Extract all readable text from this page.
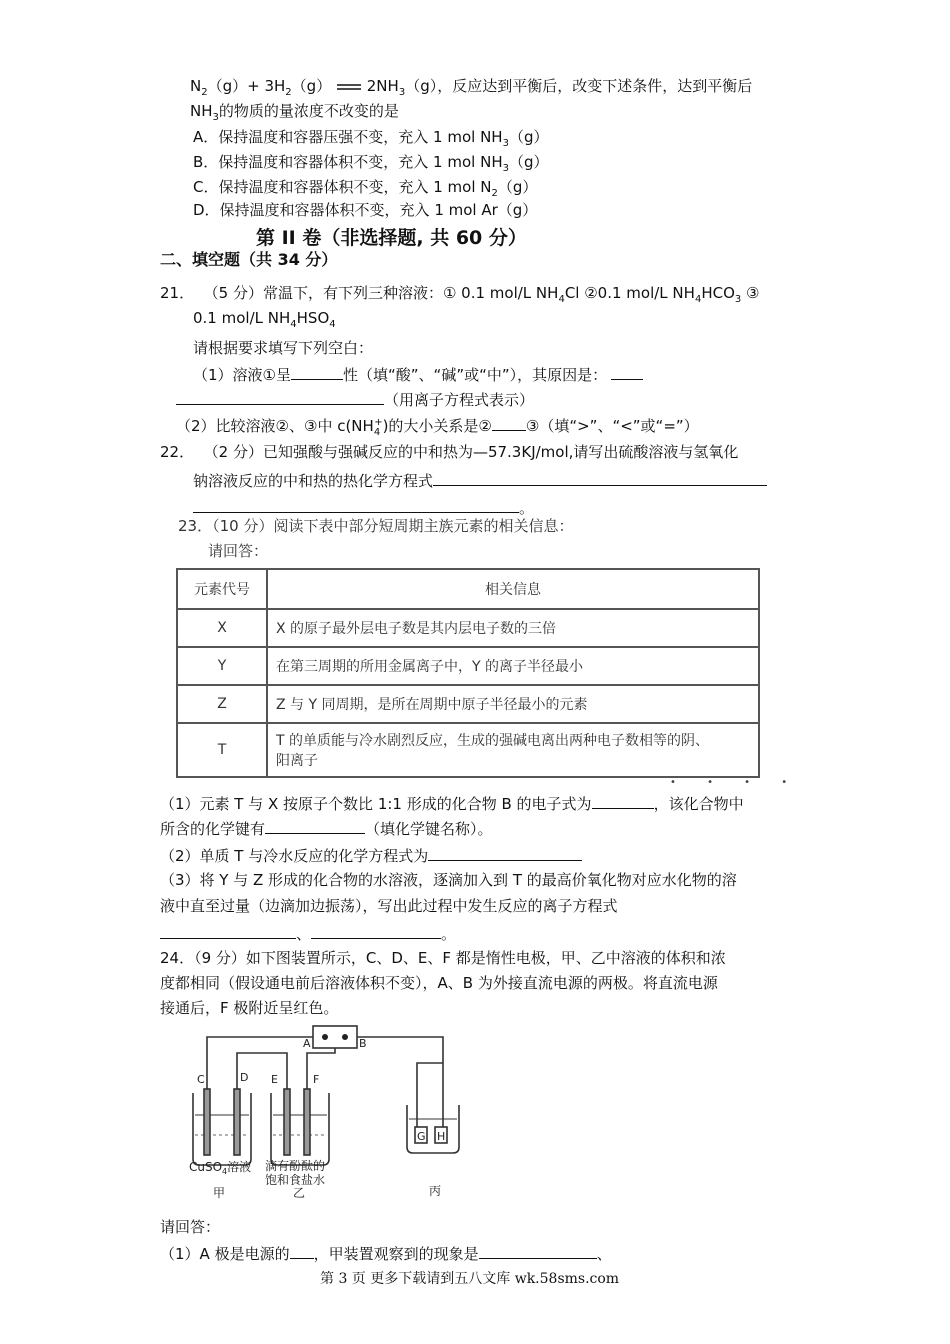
$N_2(g)+ 3H_2(g)$ $2NH_3(g)$，反应达到平衡后，改变下述条件，达到平衡后
$NH_3$的物质的量浓度不改变的是
A．保持温度和容器压强不变，充入 1 mol $NH_3(g)$
B．保持温度和容器体积不变，充入 1 mol $NH_3(g)$
C．保持温度和容器体积不变，充入 1 mol $N_2(g)$
D．保持温度和容器体积不变，充入 1 mol Ar（g）
第 II 卷（非选择题, 共 60 分）
二、填空题（共 34 分）
21． （5 分）常温下，有下列三种溶液：① 0.1 mol/L $NH_4Cl$ ②0.1 mol/L $NH_4HCO_3$ ③
0.1 mol/L $NH_4HSO_4$
请根据要求填写下列空白：
（1）溶液①呈	性（填“酸”、“碱”或“中”），其原因是：
（用离子方程式表示）
（2）比较溶液②、③中 $c(NH_4^+)$的大小关系是② ③（填“>”、“<”或“=”）
22． （2 分）已知强酸与强碱反应的中和热为—57.3KJ/mol,请写出硫酸溶液与氢氧化
钠溶液反应的中和热的热化学方程式
。
23．（10 分）阅读下表中部分短周期主族元素的相关信息：
请回答：
元素代号	相关信息
X	X 的原子最外层电子数是其内层电子数的三倍
Y	在第三周期的所用金属离子中，Y 的离子半径最小
Z	Z 与 Y 同周期，是所在周期中原子半径最小的元素
T	T 的单质能与冷水剧烈反应，生成的强碱电离出两种电子数相等的阴、
阳离子
• • • •
（1）元素 T 与 X 按原子个数比 1:1 形成的化合物 B 的电子式为	，该化合物中
所含的化学键有	（填化学键名称）。
（2）单质 T 与冷水反应的化学方程式为
（3）将 Y 与 Z 形成的化合物的水溶液，逐滴加入到 T 的最高价氧化物对应水化物的溶
液中直至过量（边滴加边振荡），写出此过程中发生反应的离子方程式
、	。
24．（9 分）如下图装置所示，C、D、E、F 都是惰性电极，甲、乙中溶液的体积和浓
度都相同（假设通电前后溶液体积不变），A、B 为外接直流电源的两极。将直流电源
接通后，F 极附近呈红色。
A	B
C	D E	F
G H
CuSO$_4$溶液 滴有酚酞的
饱和食盐水
甲	乙	丙
请回答：
（1）A 极是电源的 ，甲装置观察到的现象是	、
第 3 页 更多下载请到五八文库 wk.58sms.com
